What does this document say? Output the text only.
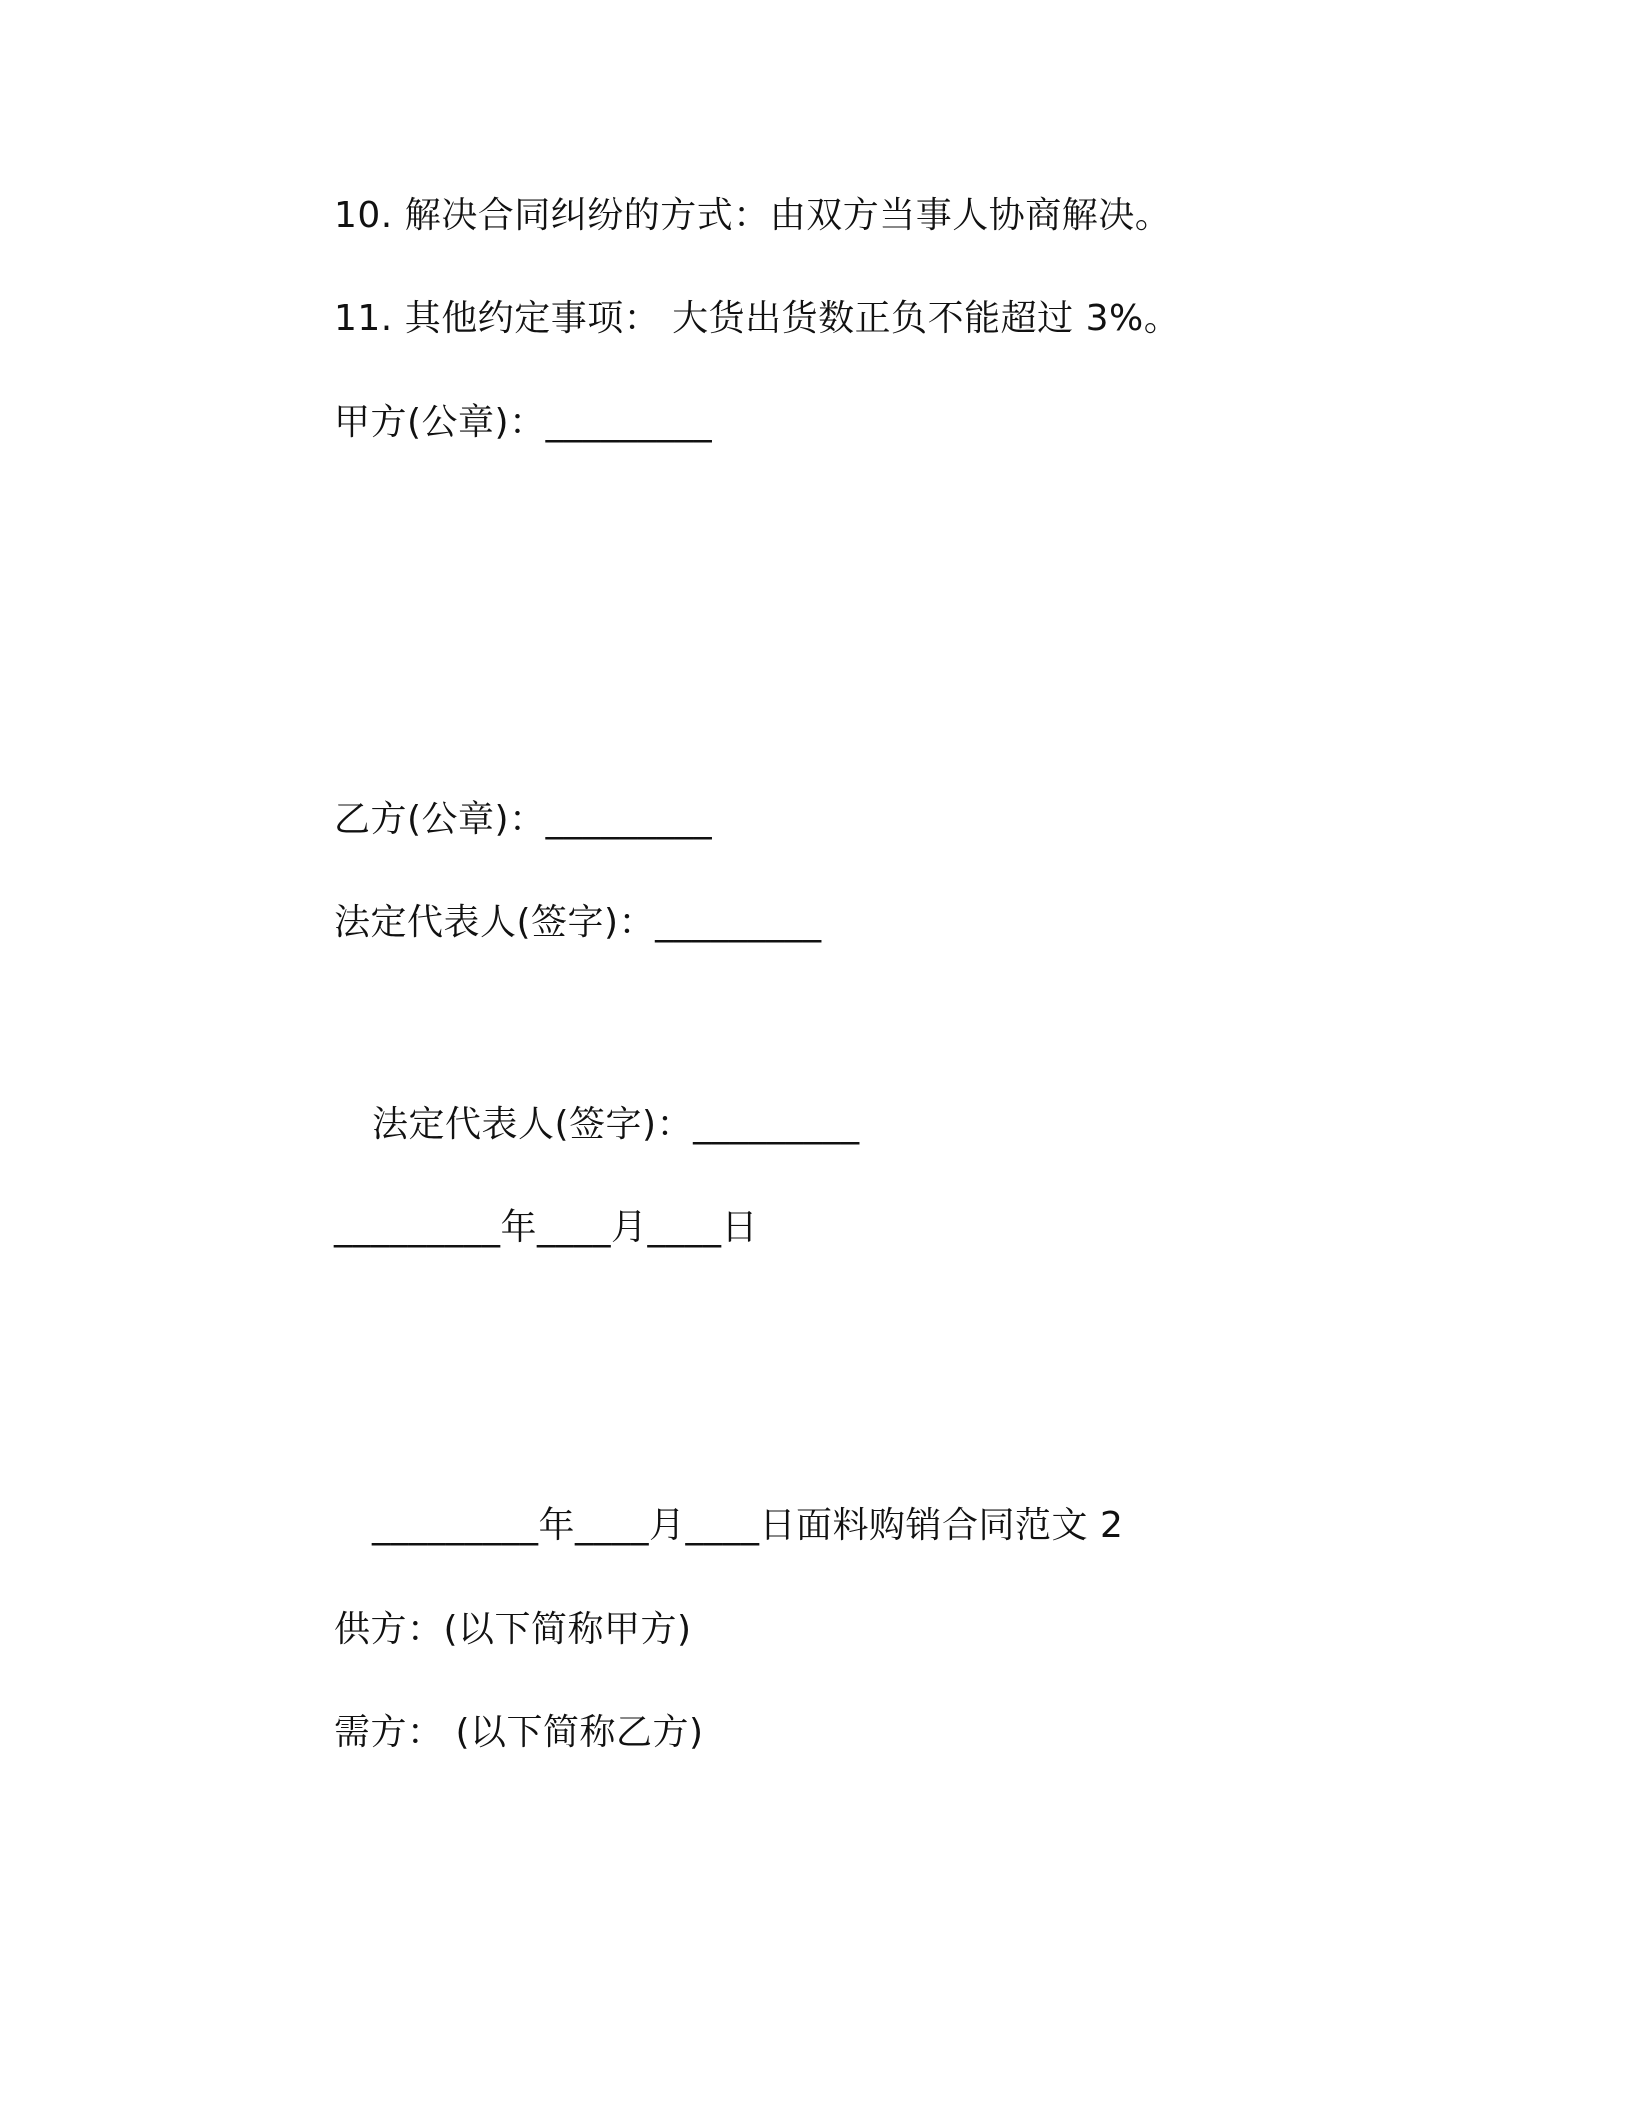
10. 解决合同纠纷的方式：由双方当事人协商解决。
11. 其他约定事项： 大货出货数正负不能超过 3%。
甲方(公章)：_________
乙方(公章)：_________
法定代表人(签字)：_________
法定代表人(签字)：_________
_________年____月____日
_________年____月____日面料购销合同范文 2
供方：(以下简称甲方)
需方： (以下简称乙方)
